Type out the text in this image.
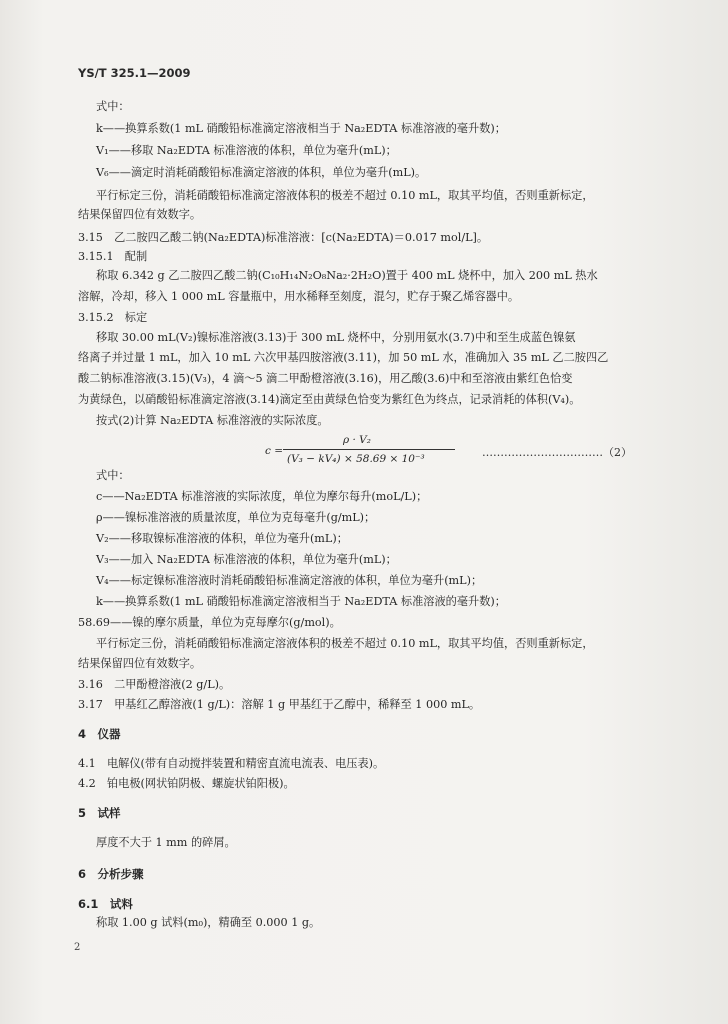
YS/T 325.1—2009
式中：
k——换算系数(1 mL 硝酸铅标准滴定溶液相当于 Na₂EDTA 标准溶液的毫升数)；
V₁——移取 Na₂EDTA 标准溶液的体积，单位为毫升(mL)；
V₆——滴定时消耗硝酸铅标准滴定溶液的体积，单位为毫升(mL)。
平行标定三份，消耗硝酸铅标准滴定溶液体积的极差不超过 0.10 mL，取其平均值，否则重新标定，
结果保留四位有效数字。
3.15　乙二胺四乙酸二钠(Na₂EDTA)标准溶液：[c(Na₂EDTA)＝0.017 mol/L]。
3.15.1　配制
称取 6.342 g 乙二胺四乙酸二钠(C₁₀H₁₄N₂O₈Na₂·2H₂O)置于 400 mL 烧杯中，加入 200 mL 热水
溶解，冷却，移入 1 000 mL 容量瓶中，用水稀释至刻度，混匀，贮存于聚乙烯容器中。
3.15.2　标定
移取 30.00 mL(V₂)镍标准溶液(3.13)于 300 mL 烧杯中，分别用氨水(3.7)中和至生成蓝色镍氨
络离子并过量 1 mL，加入 10 mL 六次甲基四胺溶液(3.11)，加 50 mL 水，准确加入 35 mL 乙二胺四乙
酸二钠标准溶液(3.15)(V₃)，4 滴～5 滴二甲酚橙溶液(3.16)，用乙酸(3.6)中和至溶液由紫红色恰变
为黄绿色，以硝酸铅标准滴定溶液(3.14)滴定至由黄绿色恰变为紫红色为终点，记录消耗的体积(V₄)。
按式(2)计算 Na₂EDTA 标准溶液的实际浓度。
式中：
c——Na₂EDTA 标准溶液的实际浓度，单位为摩尔每升(moL/L)；
ρ——镍标准溶液的质量浓度，单位为克每毫升(g/mL)；
V₂——移取镍标准溶液的体积，单位为毫升(mL)；
V₃——加入 Na₂EDTA 标准溶液的体积，单位为毫升(mL)；
V₄——标定镍标准溶液时消耗硝酸铅标准滴定溶液的体积，单位为毫升(mL)；
k——换算系数(1 mL 硝酸铅标准滴定溶液相当于 Na₂EDTA 标准溶液的毫升数)；
58.69——镍的摩尔质量，单位为克每摩尔(g/mol)。
平行标定三份，消耗硝酸铅标准滴定溶液体积的极差不超过 0.10 mL，取其平均值，否则重新标定，
结果保留四位有效数字。
3.16　二甲酚橙溶液(2 g/L)。
3.17　甲基红乙醇溶液(1 g/L)：溶解 1 g 甲基红于乙醇中，稀释至 1 000 mL。
4　仪器
4.1　电解仪(带有自动搅拌装置和精密直流电流表、电压表)。
4.2　铂电极(网状铂阴极、螺旋状铂阳极)。
5　试样
厚度不大于 1 mm 的碎屑。
6　分析步骤
6.1　试料
称取 1.00 g 试料(m₀)，精确至 0.000 1 g。
c =
ρ · V₂
(V₃ − kV₄) × 58.69 × 10⁻³	……………………………（2）
2
